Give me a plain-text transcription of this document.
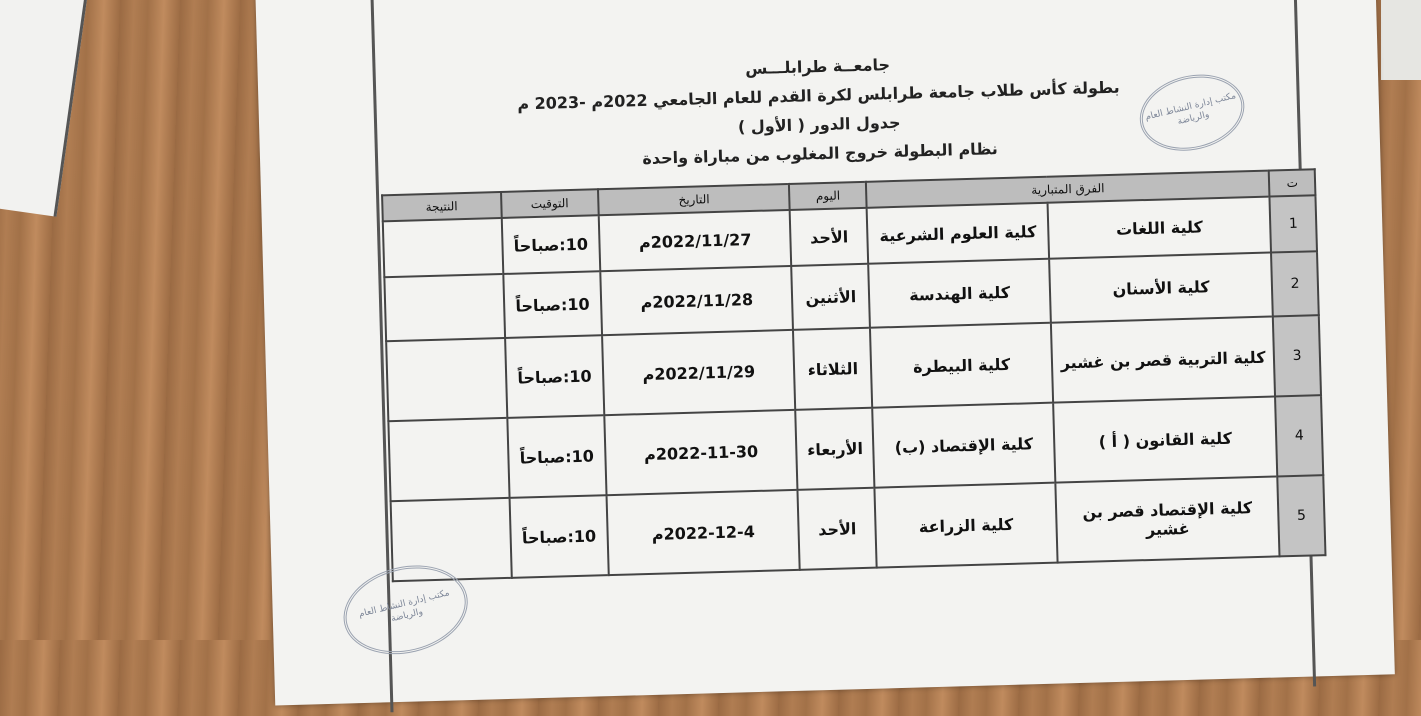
جامعــة طرابلـــس
بطولة كأس طلاب جامعة طرابلس لكرة القدم للعام الجامعي 2022م -2023 م
جدول الدور ( الأول )
نظام البطولة خروج المغلوب من مباراة واحدة
مكتب إدارة النشاط العام والرياضة
ت	الفرق المتبارية		اليوم	التاريخ	التوقيت	النتيجة
1	كلية اللغات	كلية العلوم الشرعية	الأحد	2022/11/27م	10:صباحاً	
2	كلية الأسنان	كلية الهندسة	الأثنين	2022/11/28م	10:صباحاً	
3	كلية التربية قصر بن غشير	كلية البيطرة	الثلاثاء	2022/11/29م	10:صباحاً	
4	كلية القانون ( أ )	كلية الإقتصاد (ب)	الأربعاء	2022-11-30م	10:صباحاً	
5	كلية الإقتصاد قصر بن غشير	كلية الزراعة	الأحد	2022-12-4م	10:صباحاً	
مكتب إدارة النشاط العام والرياضة
